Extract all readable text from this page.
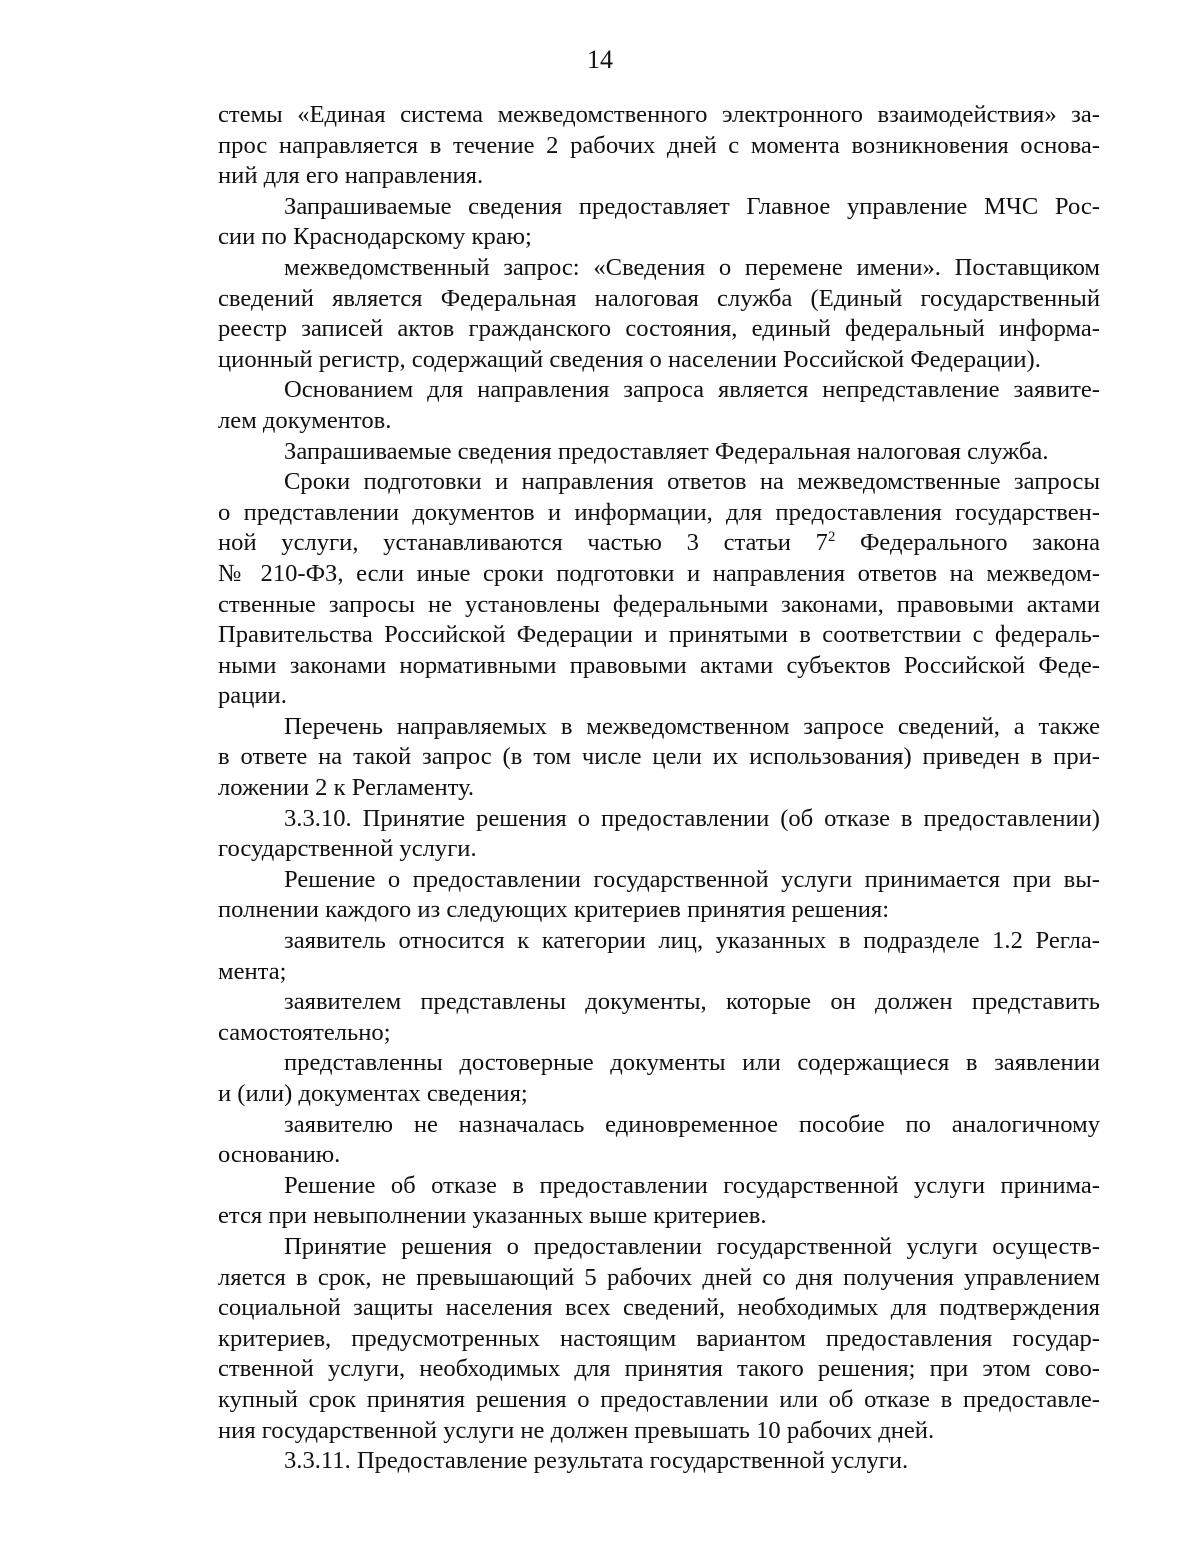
14
стемы «Единая система межведомственного электронного взаимодействия» за-
прос направляется в течение 2 рабочих дней с момента возникновения основа-
ний для его направления.
Запрашиваемые сведения предоставляет Главное управление МЧС Рос-
сии по Краснодарскому краю;
межведомственный запрос: «Сведения о перемене имени». Поставщиком
сведений является Федеральная налоговая служба (Единый государственный
реестр записей актов гражданского состояния, единый федеральный информа-
ционный регистр, содержащий сведения о населении Российской Федерации).
Основанием для направления запроса является непредставление заявите-
лем документов.
Запрашиваемые сведения предоставляет Федеральная налоговая служба.
Сроки подготовки и направления ответов на межведомственные запросы
о представлении документов и информации, для предоставления государствен-
ной услуги, устанавливаются частью 3 статьи $7^2$ Федерального закона
№ 210-ФЗ, если иные сроки подготовки и направления ответов на межведом-
ственные запросы не установлены федеральными законами, правовыми актами
Правительства Российской Федерации и принятыми в соответствии с федераль-
ными законами нормативными правовыми актами субъектов Российской Феде-
рации.
Перечень направляемых в межведомственном запросе сведений, а также
в ответе на такой запрос (в том числе цели их использования) приведен в при-
ложении 2 к Регламенту.
3.3.10. Принятие решения о предоставлении (об отказе в предоставлении)
государственной услуги.
Решение о предоставлении государственной услуги принимается при вы-
полнении каждого из следующих критериев принятия решения:
заявитель относится к категории лиц, указанных в подразделе 1.2 Регла-
мента;
заявителем представлены документы, которые он должен представить
самостоятельно;
представленны достоверные документы или содержащиеся в заявлении
и (или) документах сведения;
заявителю не назначалась единовременное пособие по аналогичному
основанию.
Решение об отказе в предоставлении государственной услуги принима-
ется при невыполнении указанных выше критериев.
Принятие решения о предоставлении государственной услуги осуществ-
ляется в срок, не превышающий 5 рабочих дней со дня получения управлением
социальной защиты населения всех сведений, необходимых для подтверждения
критериев, предусмотренных настоящим вариантом предоставления государ-
ственной услуги, необходимых для принятия такого решения; при этом сово-
купный срок принятия решения о предоставлении или об отказе в предоставле-
ния государственной услуги не должен превышать 10 рабочих дней.
3.3.11. Предоставление результата государственной услуги.
